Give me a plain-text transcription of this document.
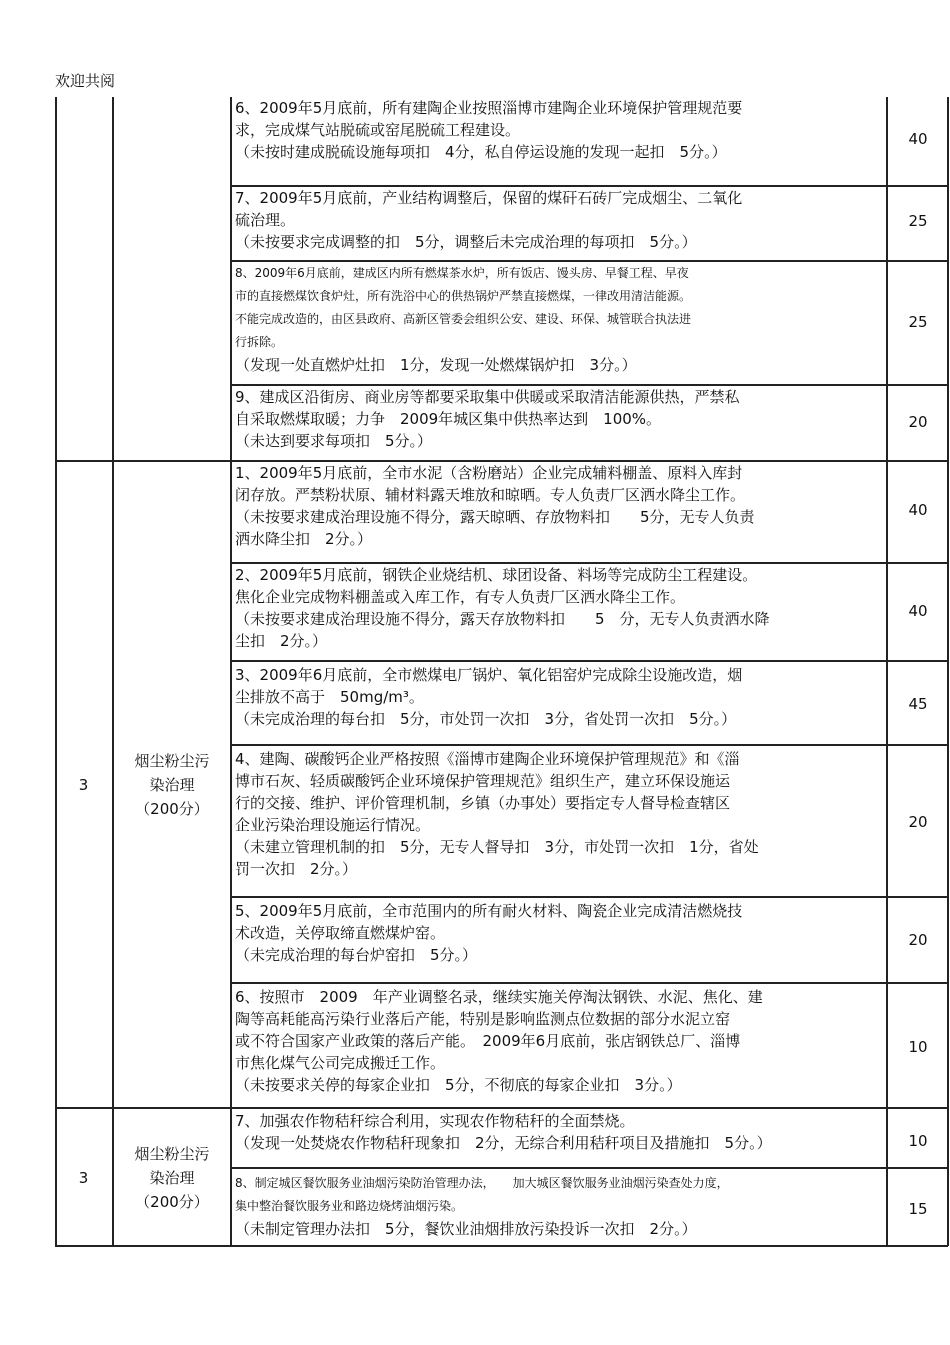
欢迎共阅
6、2009年5月底前，所有建陶企业按照淄博市建陶企业环境保护管理规范要
求，完成煤气站脱硫或窑尾脱硫工程建设。
（未按时建成脱硫设施每项扣　4分，私自停运设施的发现一起扣　5分。）
40
7、2009年5月底前，产业结构调整后，保留的煤矸石砖厂完成烟尘、二氧化
硫治理。
（未按要求完成调整的扣　5分，调整后未完成治理的每项扣　5分。）
25
8、2009年6月底前，建成区内所有燃煤茶水炉，所有饭店、馒头房、早餐工程、早夜
市的直接燃煤饮食炉灶，所有洗浴中心的供热锅炉严禁直接燃煤，一律改用清洁能源。
不能完成改造的，由区县政府、高新区管委会组织公安、建设、环保、城管联合执法进
行拆除。
（发现一处直燃炉灶扣　1分，发现一处燃煤锅炉扣　3分。）
25
9、建成区沿街房、商业房等都要采取集中供暖或采取清洁能源供热，严禁私
自采取燃煤取暖；力争　2009年城区集中供热率达到　100%。
（未达到要求每项扣　5分。）
20
3
烟尘粉尘污
染治理
（200分）
1、2009年5月底前，全市水泥（含粉磨站）企业完成辅料棚盖、原料入库封
闭存放。严禁粉状原、辅材料露天堆放和晾晒。专人负责厂区洒水降尘工作。
（未按要求建成治理设施不得分，露天晾晒、存放物料扣　　5分，无专人负责
洒水降尘扣　2分。）
40
2、2009年5月底前，钢铁企业烧结机、球团设备、料场等完成防尘工程建设。
焦化企业完成物料棚盖或入库工作，有专人负责厂区洒水降尘工作。
（未按要求建成治理设施不得分，露天存放物料扣　　5　分，无专人负责洒水降
尘扣　2分。）
40
3、2009年6月底前，全市燃煤电厂锅炉、氧化铝窑炉完成除尘设施改造，烟
尘排放不高于　50mg/m³。
（未完成治理的每台扣　5分，市处罚一次扣　3分，省处罚一次扣　5分。）
45
4、建陶、碳酸钙企业严格按照《淄博市建陶企业环境保护管理规范》和《淄
博市石灰、轻质碳酸钙企业环境保护管理规范》组织生产，建立环保设施运
行的交接、维护、评价管理机制，乡镇（办事处）要指定专人督导检查辖区
企业污染治理设施运行情况。
（未建立管理机制的扣　5分，无专人督导扣　3分，市处罚一次扣　1分，省处
罚一次扣　2分。）
20
5、2009年5月底前，全市范围内的所有耐火材料、陶瓷企业完成清洁燃烧技
术改造，关停取缔直燃煤炉窑。
（未完成治理的每台炉窑扣　5分。）
20
6、按照市　2009　年产业调整名录，继续实施关停淘汰钢铁、水泥、焦化、建
陶等高耗能高污染行业落后产能，特别是影响监测点位数据的部分水泥立窑
或不符合国家产业政策的落后产能。　2009年6月底前，张店钢铁总厂、淄博
市焦化煤气公司完成搬迁工作。
（未按要求关停的每家企业扣　5分，不彻底的每家企业扣　3分。）
10
3
烟尘粉尘污
染治理
（200分）
7、加强农作物秸秆综合利用，实现农作物秸秆的全面禁烧。
（发现一处焚烧农作物秸秆现象扣　2分，无综合利用秸秆项目及措施扣　5分。）	10
8、制定城区餐饮服务业油烟污染防治管理办法，　　加大城区餐饮服务业油烟污染查处力度，
集中整治餐饮服务业和路边烧烤油烟污染。
（未制定管理办法扣　5分，餐饮业油烟排放污染投诉一次扣　2分。）
15
